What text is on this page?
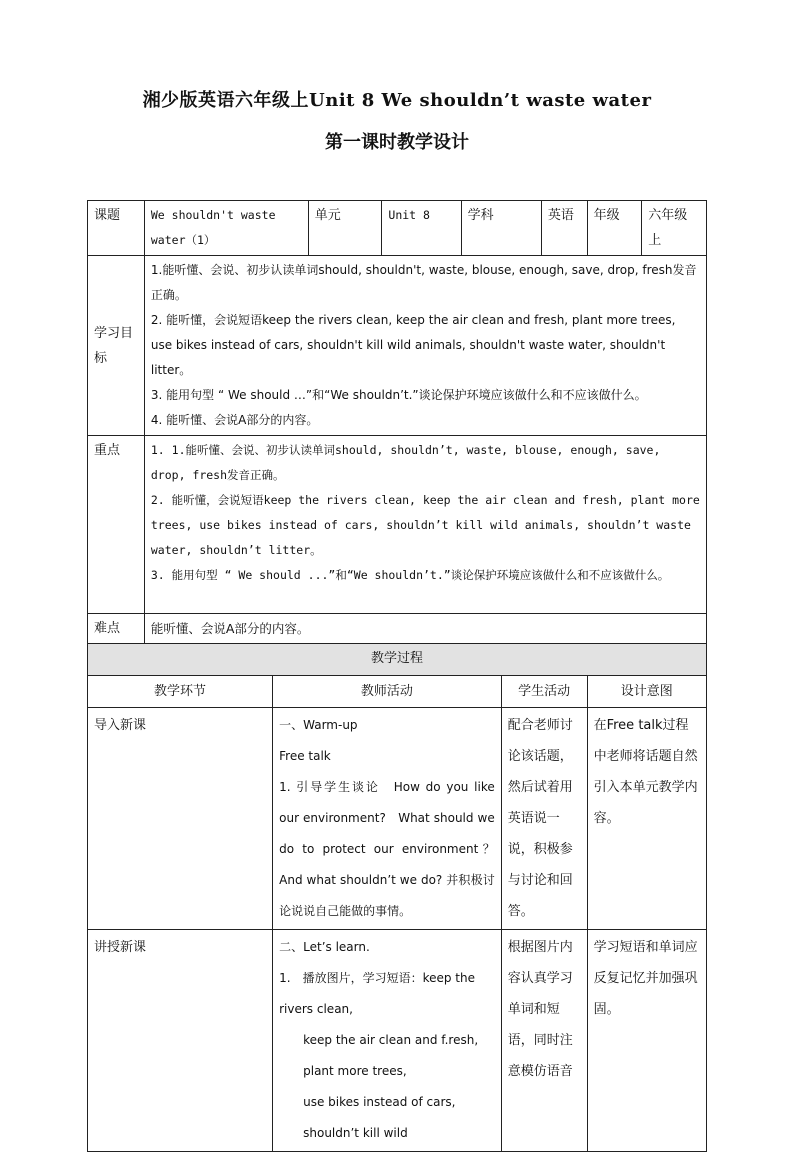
湘少版英语六年级上Unit 8 We shouldn’t waste water
第一课时教学设计
课题	We shouldn't waste water（1）		单元	Unit 8	学科		英语	年级	六年级上
学习目标	1.能听懂、会说、初步认读单词should, shouldn't, waste, blouse, enough, save, drop, fresh发音正确。
2. 能听懂，会说短语keep the rivers clean, keep the air clean and fresh, plant more trees, use bikes instead of cars, shouldn't kill wild animals, shouldn't waste water, shouldn't litter。
3. 能用句型 “ We should …”和“We shouldn’t.”谈论保护环境应该做什么和不应该做什么。
4. 能听懂、会说A部分的内容。								

重点	1. 1.能听懂、会说、初步认读单词should, shouldn’t, waste, blouse, enough, save, drop, fresh发音正确。
2. 能听懂，会说短语keep the rivers clean, keep the air clean and fresh, plant more trees, use bikes instead of cars, shouldn’t kill wild animals, shouldn’t waste water, shouldn’t litter。
3. 能用句型 “ We should ...”和“We shouldn’t.”谈论保护环境应该做什么和不应该做什么。								

难点	能听懂、会说A部分的内容。								
教学过程									
教学环节		教师活动				学生活动		设计意图	
导入新课		一、Warm-up
Free talk
1. 引导学生谈论　How do you like our environment?　What should we do to protect our environment？ And what shouldn’t we do? 并积极讨论说说自己能做的事情。				配合老师讨论该话题，然后试着用英语说一说，积极参与讨论和回答。		在Free talk过程中老师将话题自然引入本单元教学内容。	
讲授新课		二、Let’s learn.
1.　播放图片，学习短语：keep the rivers clean,
keep the air clean and f.resh, plant more trees,
use bikes instead of cars, shouldn’t kill wild				根据图片内容认真学习单词和短语，同时注意模仿语音		学习短语和单词应反复记忆并加强巩固。	
